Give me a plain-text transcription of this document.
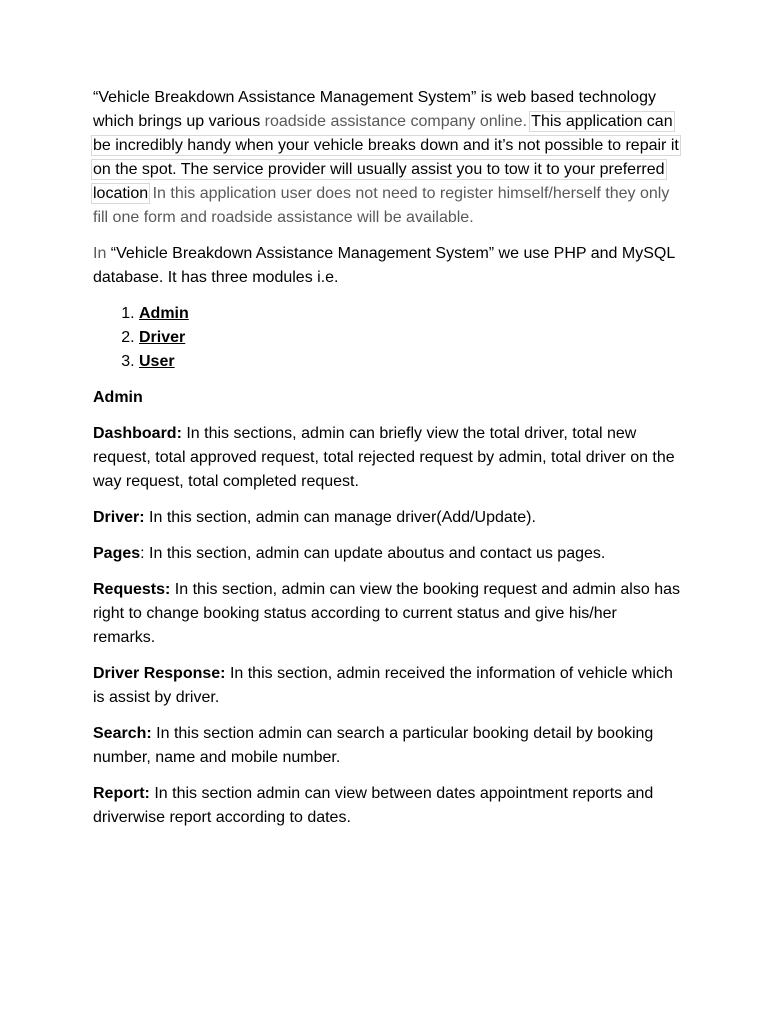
“Vehicle Breakdown Assistance Management System” is web based technology which brings up various roadside assistance company online. This application can be incredibly handy when your vehicle breaks down and it’s not possible to repair it on the spot. The service provider will usually assist you to tow it to your preferred location In this application user does not need to register himself/herself they only fill one form and roadside assistance will be available.

In “Vehicle Breakdown Assistance Management System” we use PHP and MySQL database. It has three modules i.e.

1. Admin
2. Driver
3. User

Admin

Dashboard: In this sections, admin can briefly view the total driver, total new request, total approved request, total rejected request by admin, total driver on the way request, total completed request.

Driver: In this section, admin can manage driver(Add/Update).

Pages: In this section, admin can update aboutus and contact us pages.

Requests: In this section, admin can view the booking request and admin also has right to change booking status according to current status and give his/her remarks.

Driver Response: In this section, admin received the information of vehicle which is assist by driver.

Search: In this section admin can search a particular booking detail by booking number, name and mobile number.

Report: In this section admin can view between dates appointment reports and driverwise report according to dates.
